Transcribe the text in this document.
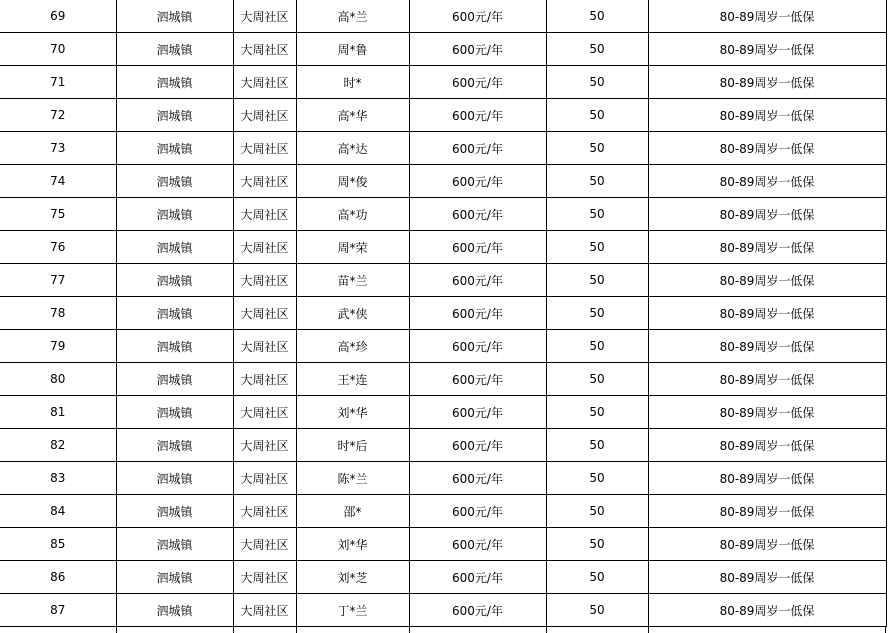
69	泗城镇	大周社区	高*兰	600元/年	50	80-89周岁一低保
70	泗城镇	大周社区	周*鲁	600元/年	50	80-89周岁一低保
71	泗城镇	大周社区	时*	600元/年	50	80-89周岁一低保
72	泗城镇	大周社区	高*华	600元/年	50	80-89周岁一低保
73	泗城镇	大周社区	高*达	600元/年	50	80-89周岁一低保
74	泗城镇	大周社区	周*俊	600元/年	50	80-89周岁一低保
75	泗城镇	大周社区	高*功	600元/年	50	80-89周岁一低保
76	泗城镇	大周社区	周*荣	600元/年	50	80-89周岁一低保
77	泗城镇	大周社区	苗*兰	600元/年	50	80-89周岁一低保
78	泗城镇	大周社区	武*侠	600元/年	50	80-89周岁一低保
79	泗城镇	大周社区	高*珍	600元/年	50	80-89周岁一低保
80	泗城镇	大周社区	王*连	600元/年	50	80-89周岁一低保
81	泗城镇	大周社区	刘*华	600元/年	50	80-89周岁一低保
82	泗城镇	大周社区	时*后	600元/年	50	80-89周岁一低保
83	泗城镇	大周社区	陈*兰	600元/年	50	80-89周岁一低保
84	泗城镇	大周社区	邵*	600元/年	50	80-89周岁一低保
85	泗城镇	大周社区	刘*华	600元/年	50	80-89周岁一低保
86	泗城镇	大周社区	刘*芝	600元/年	50	80-89周岁一低保
87	泗城镇	大周社区	丁*兰	600元/年	50	80-89周岁一低保
